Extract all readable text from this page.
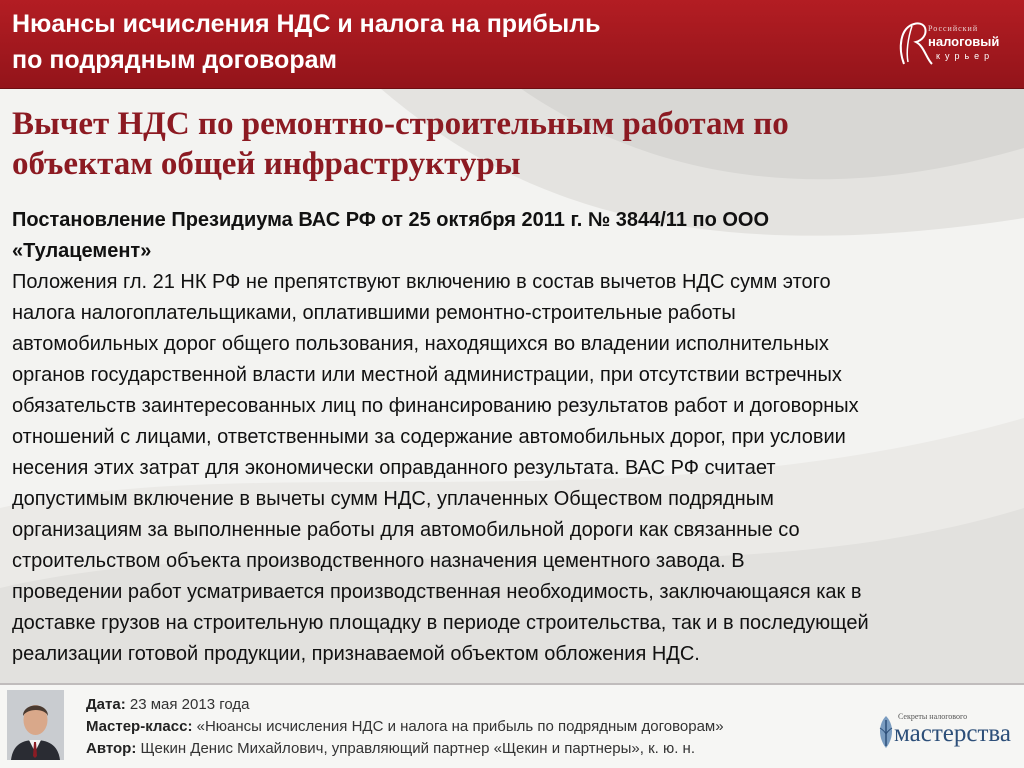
Нюансы исчисления НДС и налога на прибыль
по подрядным договорам
Российский
налоговый
курьер
Вычет НДС по ремонтно-строительным работам по
объектам общей инфраструктуры
Постановление Президиума ВАС РФ от 25 октября 2011 г. № 3844/11 по ООО
«Тулацемент»
Положения гл. 21 НК РФ не препятствуют включению в состав вычетов НДС сумм этого
налога налогоплательщиками, оплатившими ремонтно-строительные работы
автомобильных дорог общего пользования, находящихся во владении исполнительных
органов государственной власти или местной администрации, при отсутствии встречных
обязательств заинтересованных лиц по финансированию результатов работ и договорных
отношений с лицами, ответственными за содержание автомобильных дорог, при условии
несения этих затрат для экономически оправданного результата. ВАС РФ считает
допустимым включение в вычеты сумм НДС, уплаченных Обществом подрядным
организациям за выполненные работы для автомобильной дороги как связанные со
строительством объекта производственного назначения цементного завода. В
проведении работ усматривается производственная необходимость, заключающаяся как в
доставке грузов на строительную площадку в периоде строительства, так и в последующей
реализации готовой продукции, признаваемой объектом обложения НДС.
Дата: 23 мая 2013 года
Мастер-класс: «Нюансы исчисления НДС и налога на прибыль по подрядным договорам»
Автор: Щекин Денис Михайлович, управляющий партнер «Щекин и партнеры», к. ю. н.
Секреты налогового
мастерства
